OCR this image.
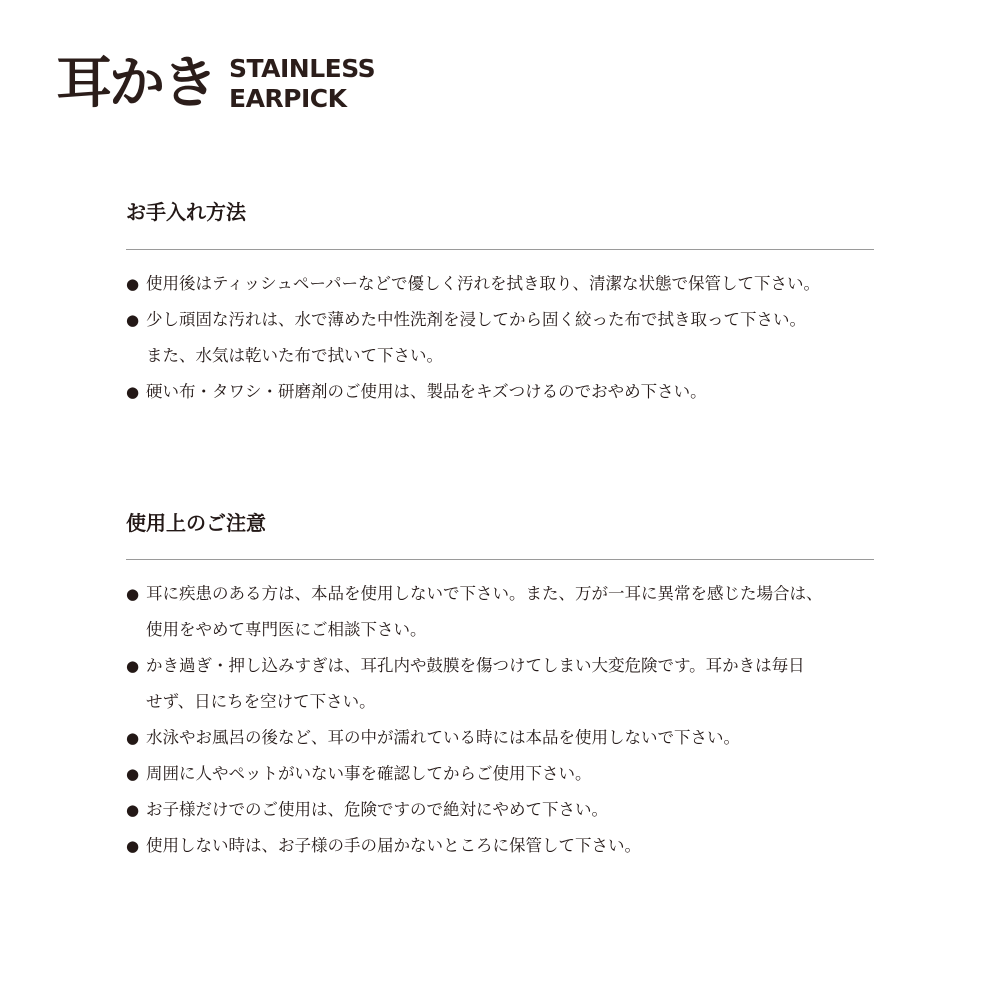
耳かき STAINLESS
EARPICK
お手入れ方法
● 使用後はティッシュペーパーなどで優しく汚れを拭き取り、清潔な状態で保管して下さい。
● 少し頑固な汚れは、水で薄めた中性洗剤を浸してから固く絞った布で拭き取って下さい。
また、水気は乾いた布で拭いて下さい。
● 硬い布・タワシ・研磨剤のご使用は、製品をキズつけるのでおやめ下さい。
使用上のご注意
● 耳に疾患のある方は、本品を使用しないで下さい。また、万が一耳に異常を感じた場合は、
使用をやめて専門医にご相談下さい。
● かき過ぎ・押し込みすぎは、耳孔内や鼓膜を傷つけてしまい大変危険です。耳かきは毎日
せず、日にちを空けて下さい。
● 水泳やお風呂の後など、耳の中が濡れている時には本品を使用しないで下さい。
● 周囲に人やペットがいない事を確認してからご使用下さい。
● お子様だけでのご使用は、危険ですので絶対にやめて下さい。
● 使用しない時は、お子様の手の届かないところに保管して下さい。
